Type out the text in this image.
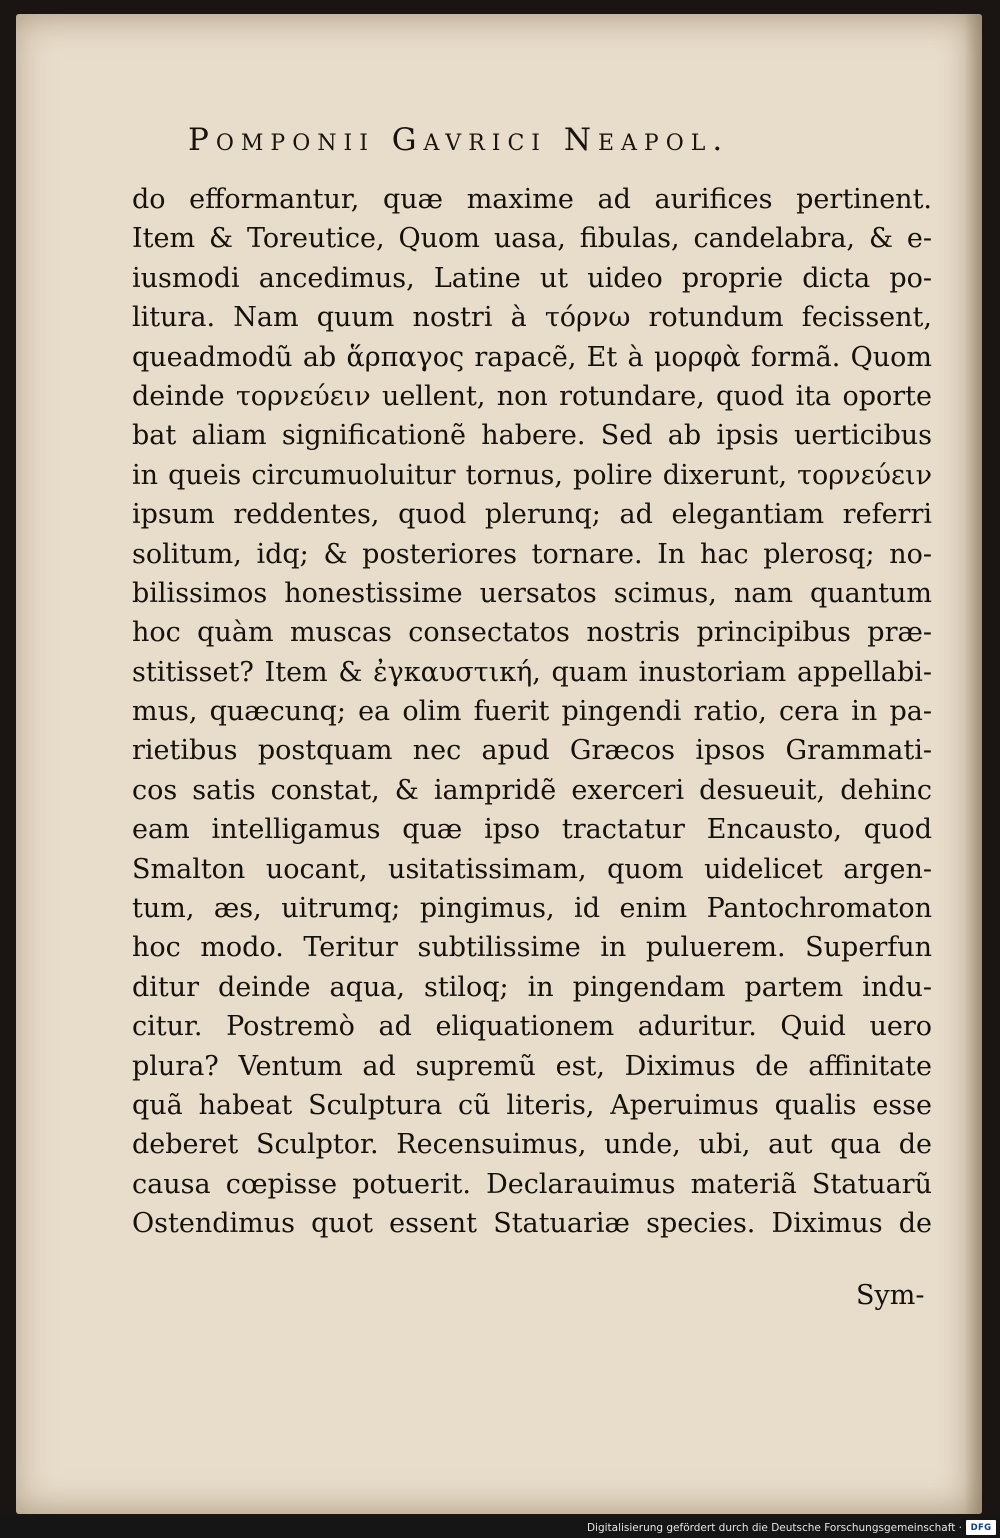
Pomponii Gavrici Neapol.
do efformantur, quæ maxime ad aurifices pertinent.
Item & Toreutice, Quom uasa, fibulas, candelabra, & e-
iusmodi ancedimus, Latine ut uideo proprie dicta po-
litura. Nam quum nostri à τόρνω rotundum fecissent,
queadmodũ ab ἅρπαγος rapacẽ, Et à μορφὰ formã. Quom
deinde τορνεύειν uellent, non rotundare, quod ita oporte
bat aliam significationẽ habere. Sed ab ipsis uerticibus
in queis circumuoluitur tornus, polire dixerunt, τορνεύειν
ipsum reddentes, quod plerunq; ad elegantiam referri
solitum, idq; & posteriores tornare. In hac plerosq; no-
bilissimos honestissime uersatos scimus, nam quantum
hoc quàm muscas consectatos nostris principibus præ-
stitisset? Item & ἐγκαυστική, quam inustoriam appellabi-
mus, quæcunq; ea olim fuerit pingendi ratio, cera in pa-
rietibus postquam nec apud Græcos ipsos Grammati-
cos satis constat, & iampridẽ exerceri desueuit, dehinc
eam intelligamus quæ ipso tractatur Encausto, quod
Smalton uocant, usitatissimam, quom uidelicet argen-
tum, æs, uitrumq; pingimus, id enim Pantochromaton
hoc modo. Teritur subtilissime in puluerem. Superfun
ditur deinde aqua, stiloq; in pingendam partem indu-
citur. Postremò ad eliquationem aduritur. Quid uero
plura? Ventum ad supremũ est, Diximus de affinitate
quã habeat Sculptura cũ literis, Aperuimus qualis esse
deberet Sculptor. Recensuimus, unde, ubi, aut qua de
causa cœpisse potuerit. Declarauimus materiã Statuarũ
Ostendimus quot essent Statuariæ species. Diximus de
Sym-
Digitalisierung gefördert durch die Deutsche Forschungsgemeinschaft ·	DFG
